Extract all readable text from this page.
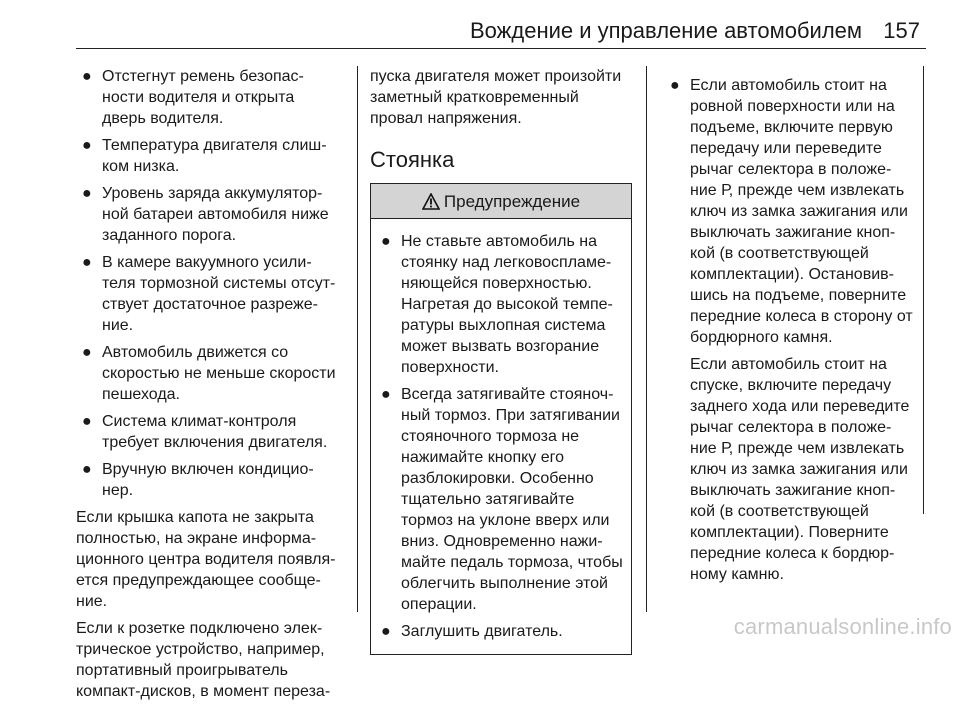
Вождение и управление автомобилем 157
● Отстегнут ремень безопас-
ности водителя и открыта
дверь водителя.
● Температура двигателя слиш-
ком низка.
● Уровень заряда аккумулятор-
ной батареи автомобиля ниже
заданного порога.
● В камере вакуумного усили-
теля тормозной системы отсут-
ствует достаточное разреже-
ние.
● Автомобиль движется со
скоростью не меньше скорости
пешехода.
● Система климат-контроля
требует включения двигателя.
● Вручную включен кондицио-
нер.
Если крышка капота не закрыта
полностью, на экране информа-
ционного центра водителя появля-
ется предупреждающее сообще-
ние.
Если к розетке подключено элек-
трическое устройство, например,
портативный проигрыватель
компакт-дисков, в момент переза-
пуска двигателя может произойти
заметный кратковременный
провал напряжения.
Стоянка
Предупреждение
● Не ставьте автомобиль на
стоянку над легковоспламе-
няющейся поверхностью.
Нагретая до высокой темпе-
ратуры выхлопная система
может вызвать возгорание
поверхности.
● Всегда затягивайте стояноч-
ный тормоз. При затягивании
стояночного тормоза не
нажимайте кнопку его
разблокировки. Особенно
тщательно затягивайте
тормоз на уклоне вверх или
вниз. Одновременно нажи-
майте педаль тормоза, чтобы
облегчить выполнение этой
операции.
● Заглушить двигатель.
● Если автомобиль стоит на
ровной поверхности или на
подъеме, включите первую
передачу или переведите
рычаг селектора в положе-
ние Р, прежде чем извлекать
ключ из замка зажигания или
выключать зажигание кноп-
кой (в соответствующей
комплектации). Остановив-
шись на подъеме, поверните
передние колеса в сторону от
бордюрного камня.
Если автомобиль стоит на
спуске, включите передачу
заднего хода или переведите
рычаг селектора в положе-
ние Р, прежде чем извлекать
ключ из замка зажигания или
выключать зажигание кноп-
кой (в соответствующей
комплектации). Поверните
передние колеса к бордюр-
ному камню.
carmanualsonline.info
